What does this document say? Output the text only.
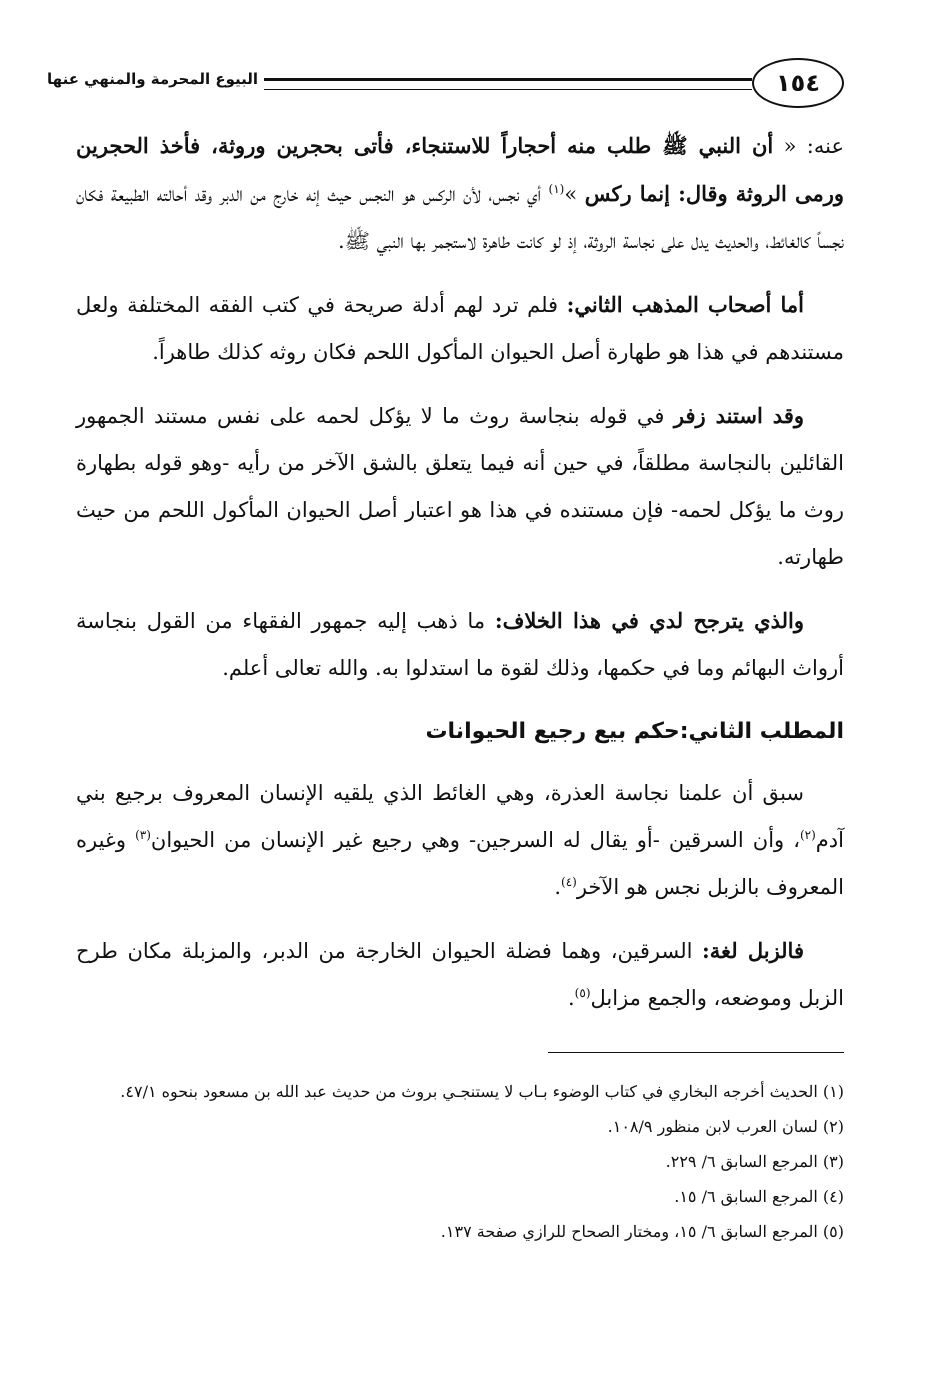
١٥٤
البيوع المحرمة والمنهي عنها

عنه: « أن النبي ﷺ طلب منه أحجاراً للاستنجاء، فأتى بحجرين وروثة، فأخذ الحجرين ورمى الروثة وقال: إنما ركس »$^{(١)}$ أي نجس، لأن الركس هو النجس حيث إنه خارج من الدبر وقد أحالته الطبيعة فكان نجساً كالغائط، والحديث يدل على نجاسة الروثة، إذ لو كانت طاهرة لاستجمر بها النبي ﷺ.

أما أصحاب المذهب الثاني: فلم ترد لهم أدلة صريحة في كتب الفقه المختلفة ولعل مستندهم في هذا هو طهارة أصل الحيوان المأكول اللحم فكان روثه كذلك طاهراً.

وقد استند زفر في قوله بنجاسة روث ما لا يؤكل لحمه على نفس مستند الجمهور القائلين بالنجاسة مطلقاً، في حين أنه فيما يتعلق بالشق الآخر من رأيه -وهو قوله بطهارة روث ما يؤكل لحمه- فإن مستنده في هذا هو اعتبار أصل الحيوان المأكول اللحم من حيث طهارته.

والذي يترجح لدي في هذا الخلاف: ما ذهب إليه جمهور الفقهاء من القول بنجاسة أرواث البهائم وما في حكمها، وذلك لقوة ما استدلوا به. والله تعالى أعلم.

المطلب الثاني:حكم بيع رجيع الحيوانات

سبق أن علمنا نجاسة العذرة، وهي الغائط الذي يلقيه الإنسان المعروف برجيع بني آدم$^{(٢)}$، وأن السرقين -أو يقال له السرجين- وهي رجيع غير الإنسان من الحيوان$^{(٣)}$ وغيره المعروف بالزبل نجس هو الآخر$^{(٤)}$.

فالزبل لغة: السرقين، وهما فضلة الحيوان الخارجة من الدبر، والمزبلة مكان طرح الزبل وموضعه، والجمع مزابل$^{(٥)}$.

(١) الحديث أخرجه البخاري في كتاب الوضوء بـاب لا يستنجـي بروث من حديث عبد الله بن مسعود بنحوه ٤٧/١.

(٢) لسان العرب لابن منظور ١٠٨/٩.

(٣) المرجع السابق ٦/ ٢٢٩.

(٤) المرجع السابق ٦/ ١٥.

(٥) المرجع السابق ٦/ ١٥، ومختار الصحاح للرازي صفحة ١٣٧.
